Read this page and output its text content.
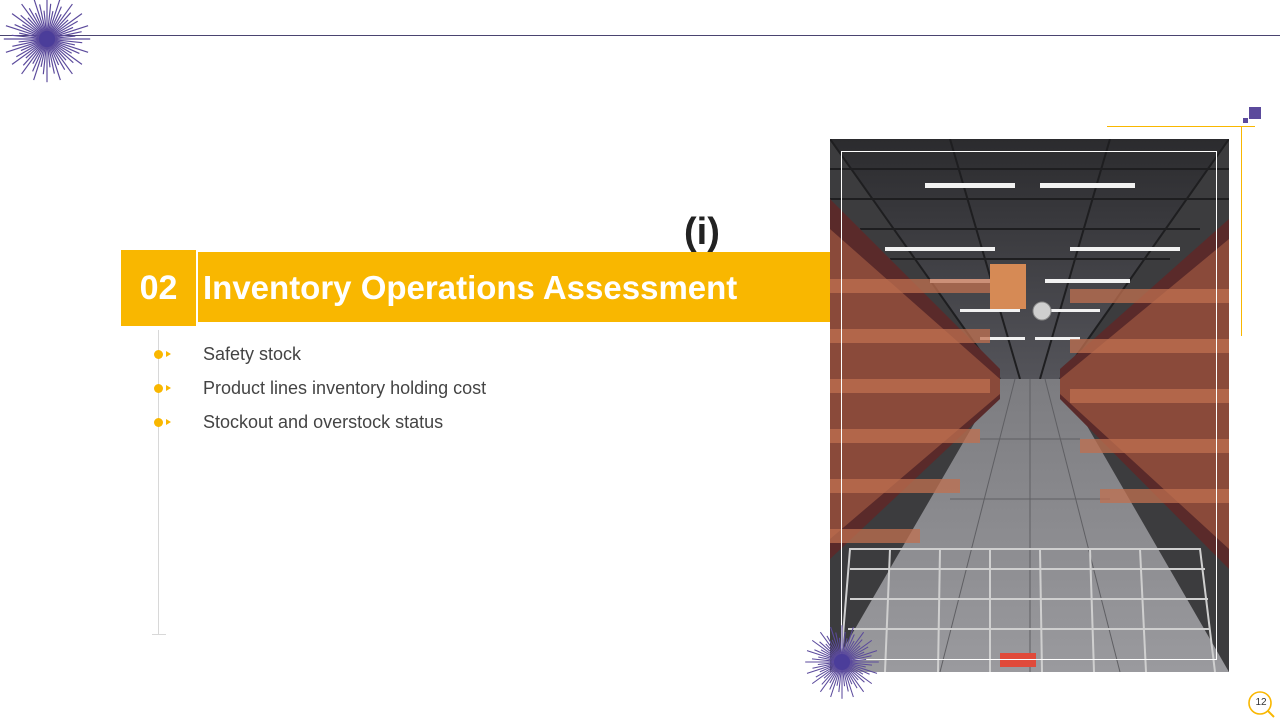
02 Inventory Operations Assessment
(i)
Safety stock
Product lines inventory holding cost
Stockout and overstock status
12
